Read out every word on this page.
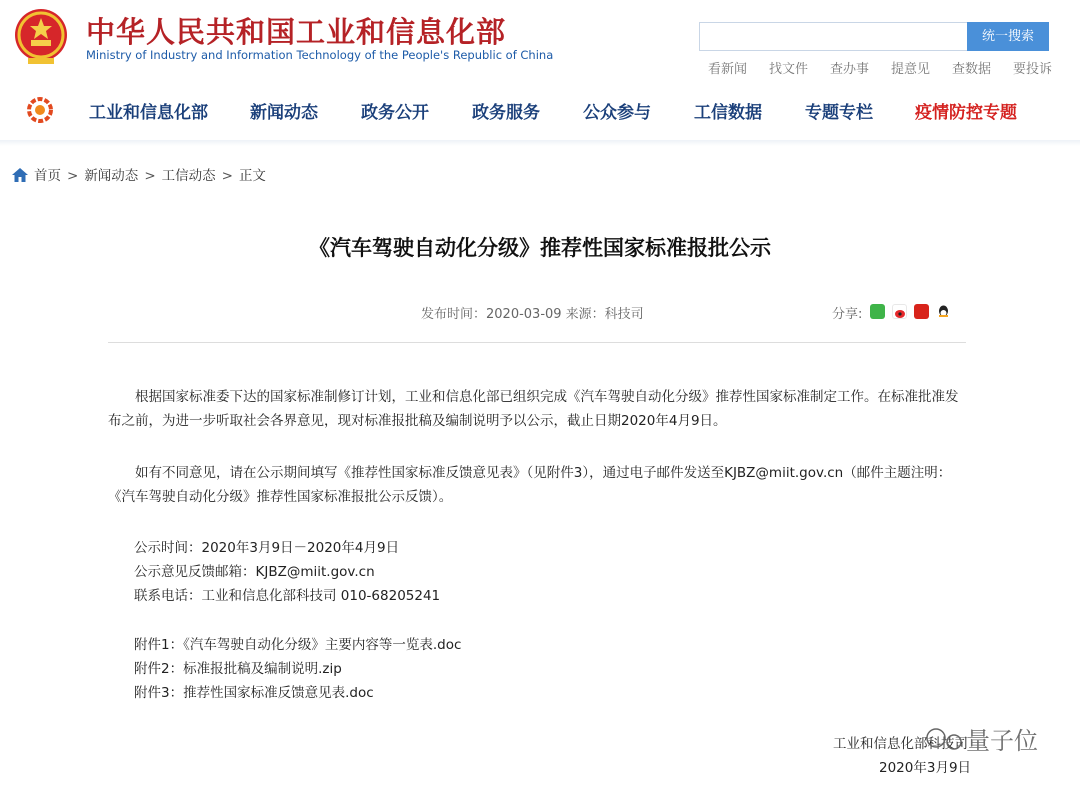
中华人民共和国工业和信息化部
Ministry of Industry and Information Technology of the People's Republic of China
统一搜索
看新闻 找文件 查办事 提意见 查数据 要投诉
工业和信息化部 新闻动态	政务公开	政务服务	公众参与	工信数据	专题专栏 疫情防控专题
首页 > 新闻动态 > 工信动态 > 正文
《汽车驾驶自动化分级》推荐性国家标准报批公示
发布时间：2020-03-09 来源：科技司	分享:
根据国家标准委下达的国家标准制修订计划，工业和信息化部已组织完成《汽车驾驶自动化分级》推荐性国家标准制定工作。在标准批准发布之前，为进一步听取社会各界意见，现对标准报批稿及编制说明予以公示，截止日期2020年4月9日。
如有不同意见，请在公示期间填写《推荐性国家标准反馈意见表》（见附件3），通过电子邮件发送至KJBZ@miit.gov.cn（邮件主题注明：《汽车驾驶自动化分级》推荐性国家标准报批公示反馈）。
公示时间：2020年3月9日－2020年4月9日
公示意见反馈邮箱：KJBZ@miit.gov.cn
联系电话：工业和信息化部科技司 010-68205241
附件1：《汽车驾驶自动化分级》主要内容等一览表.doc
附件2：标准报批稿及编制说明.zip
附件3：推荐性国家标准反馈意见表.doc
工业和信息化部科技司
2020年3月9日
量子位
